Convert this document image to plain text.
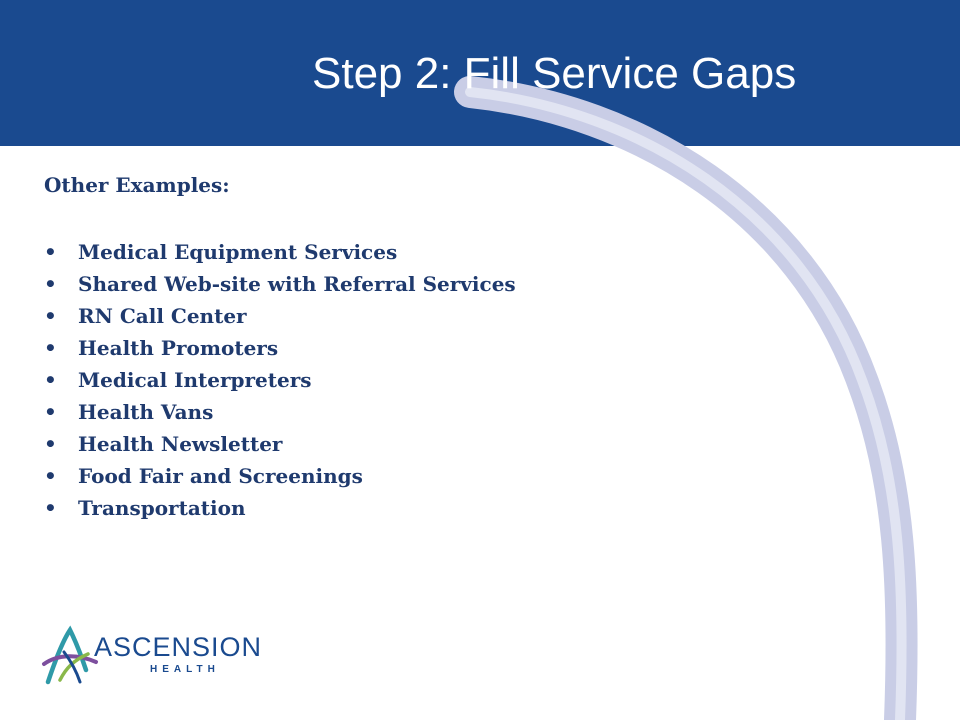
Step 2: Fill Service Gaps

Other Examples:

• Medical Equipment Services
• Shared Web-site with Referral Services
• RN Call Center
• Health Promoters
• Medical Interpreters
• Health Vans
• Health Newsletter
• Food Fair and Screenings
• Transportation
ASCENSION
HEALTH
